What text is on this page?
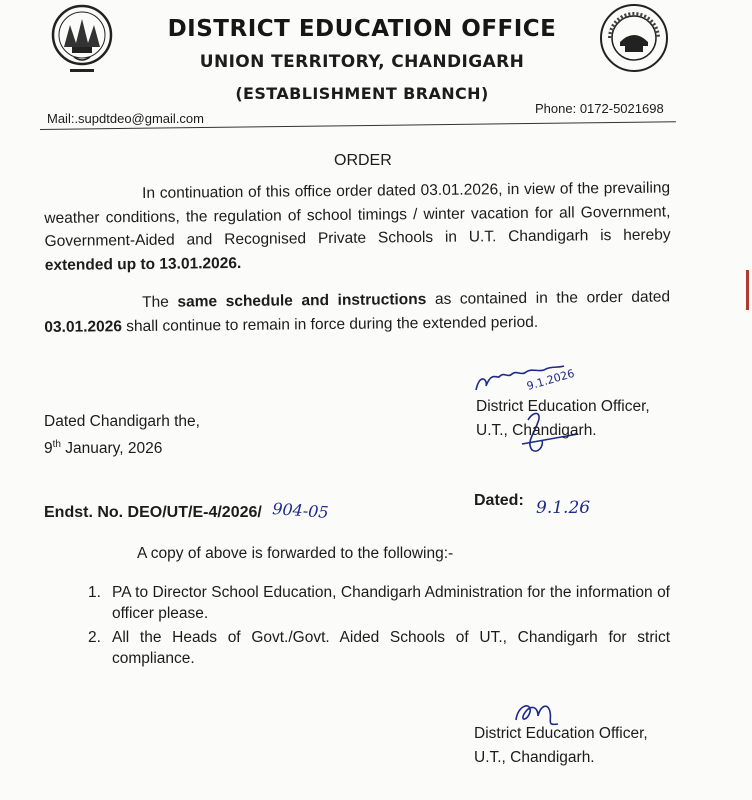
DISTRICT EDUCATION OFFICE
UNION TERRITORY, CHANDIGARH
(ESTABLISHMENT BRANCH)
Mail:.supdtdeo@gmail.com
Phone: 0172-5021698
ORDER
In continuation of this office order dated 03.01.2026, in view of the prevailing weather conditions, the regulation of school timings / winter vacation for all Government, Government-Aided and Recognised Private Schools in U.T. Chandigarh is hereby extended up to 13.01.2026.
The same schedule and instructions as contained in the order dated 03.01.2026 shall continue to remain in force during the extended period.
Dated Chandigarh the,
9th January, 2026
9.1.2026
District Education Officer,
U.T., Chandigarh.
Endst. No. DEO/UT/E-4/2026/ 904-05	Dated: 9.1.26
A copy of above is forwarded to the following:-
1. PA to Director School Education, Chandigarh Administration for the information of officer please.
2. All the Heads of Govt./Govt. Aided Schools of UT., Chandigarh for strict compliance.
District Education Officer,
U.T., Chandigarh.
